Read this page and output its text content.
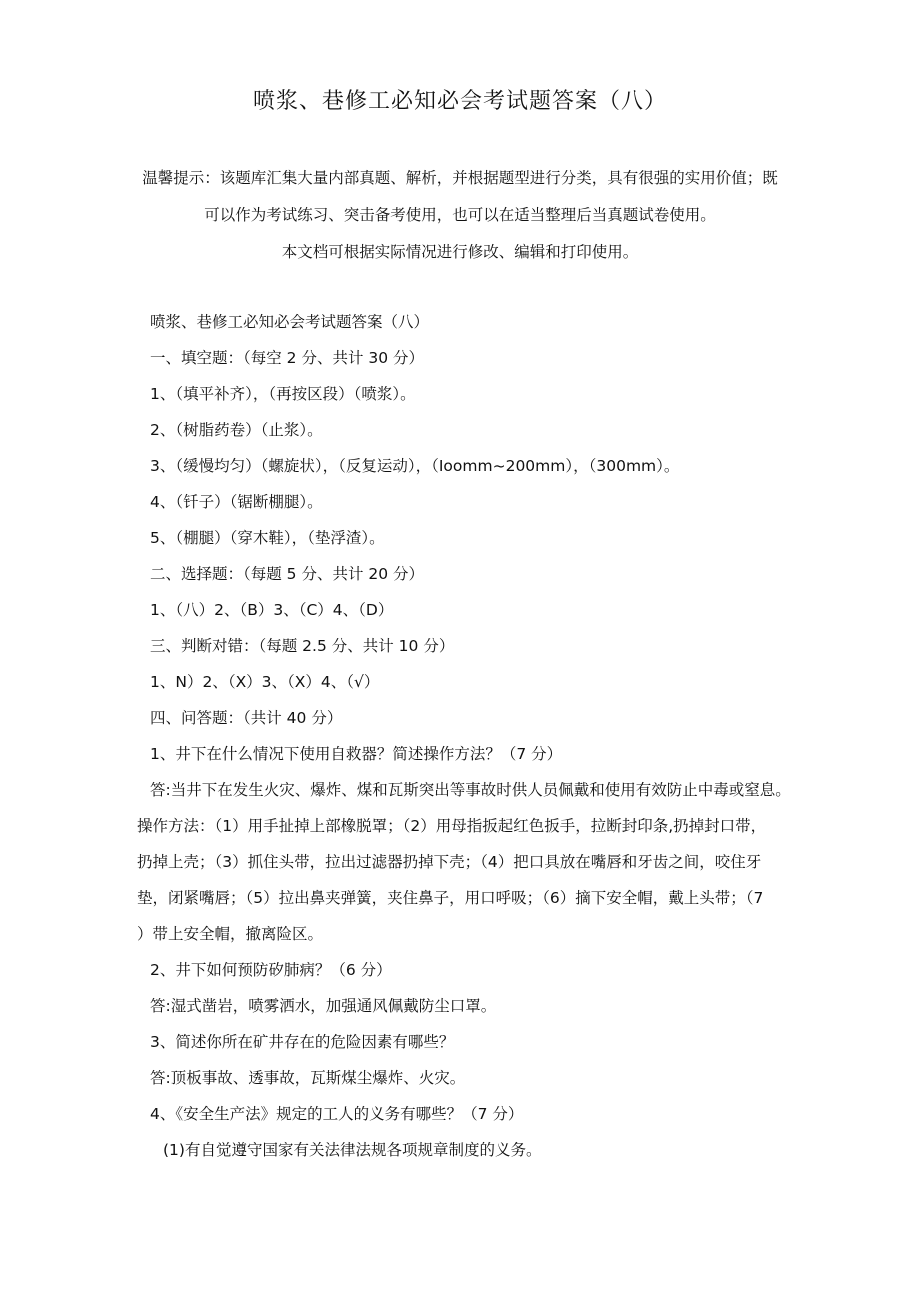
喷浆、巷修工必知必会考试题答案（八）
温馨提示：该题库汇集大量内部真题、解析，并根据题型进行分类，具有很强的实用价值；既
可以作为考试练习、突击备考使用，也可以在适当整理后当真题试卷使用。
本文档可根据实际情况进行修改、编辑和打印使用。
喷浆、巷修工必知必会考试题答案（八）
一、填空题：（每空 2 分、共计 30 分）
1、（填平补齐），（再按区段）（喷浆）。
2、（树脂药卷）（止浆）。
3、（缓慢均匀）（螺旋状），（反复运动），（Ioomm~200mm），（300mm）。
4、（钎子）（锯断棚腿）。
5、（棚腿）（穿木鞋），（垫浮渣）。
二、选择题：（每题 5 分、共计 20 分）
1、（八）2、（B）3、（C）4、（D）
三、判断对错：（每题 2.5 分、共计 10 分）
1、N）2、（X）3、（X）4、（√）
四、问答题：（共计 40 分）
1、井下在什么情况下使用自救器？简述操作方法？（7 分）
答:当井下在发生火灾、爆炸、煤和瓦斯突出等事故时供人员佩戴和使用有效防止中毒或窒息。
操作方法：（1）用手扯掉上部橡脱罩；（2）用母指扳起红色扳手，拉断封印条,扔掉封口带，
扔掉上壳；（3）抓住头带，拉出过滤器扔掉下壳；（4）把口具放在嘴唇和牙齿之间，咬住牙
垫，闭紧嘴唇；（5）拉出鼻夹弹簧，夹住鼻子，用口呼吸；（6）摘下安全帽，戴上头带；（7
）带上安全帽，撤离险区。
2、井下如何预防矽肺病？（6 分）
答:湿式凿岩，喷雾洒水，加强通风佩戴防尘口罩。
3、简述你所在矿井存在的危险因素有哪些？
答:顶板事故、透事故，瓦斯煤尘爆炸、火灾。
4、《安全生产法》规定的工人的义务有哪些？（7 分）
(1)有自觉遵守国家有关法律法规各项规章制度的义务。
